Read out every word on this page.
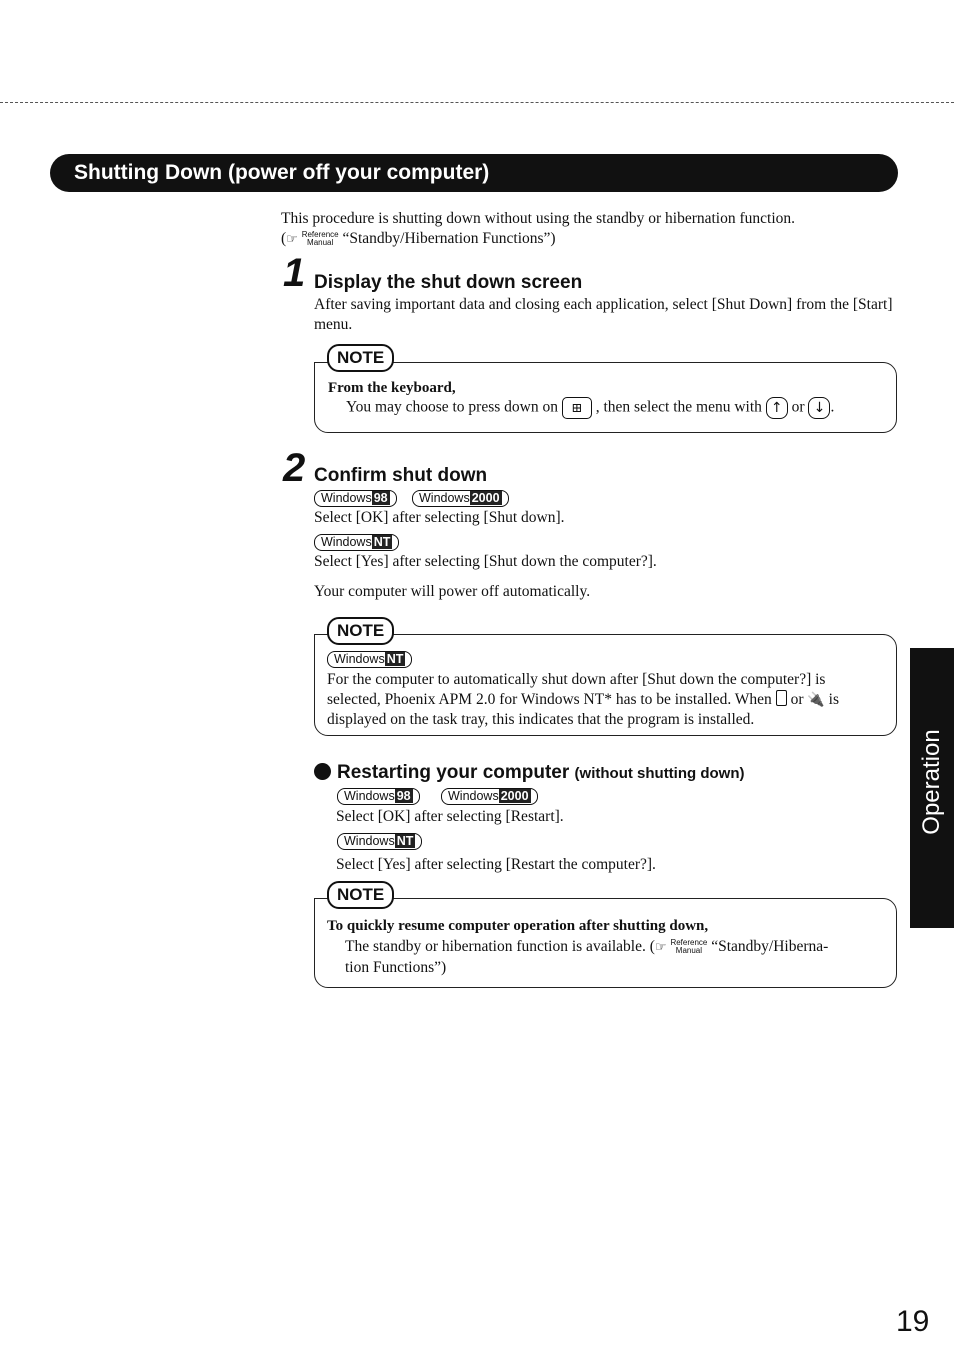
Shutting Down (power off your computer)
This procedure is shutting down without using the standby or hibernation function.
(☞ Reference
Manual “Standby/Hibernation Functions”)
1 Display the shut down screen
After saving important data and closing each application, select [Shut Down] from the [Start] menu.
NOTE
From the keyboard,
You may choose to press down on ⊞ , then select the menu with ↑ or ↓ .
2 Confirm shut down
Windows 98	Windows 2000
Select [OK] after selecting [Shut down].
Windows NT
Select [Yes] after selecting [Shut down the computer?].
Your computer will power off automatically.
NOTE
Windows NT
For the computer to automatically shut down after [Shut down the computer?] is
selected, Phoenix APM 2.0 for Windows NT* has to be installed. When or 🔌 is
displayed on the task tray, this indicates that the program is installed.
Restarting your computer (without shutting down)
Windows 98	Windows 2000
Select [OK] after selecting [Restart].
Windows NT
Select [Yes] after selecting [Restart the computer?].
NOTE
To quickly resume computer operation after shutting down,
The standby or hibernation function is available. (☞ Reference
Manual “Standby/Hiberna-
tion Functions”)
Operation
19
